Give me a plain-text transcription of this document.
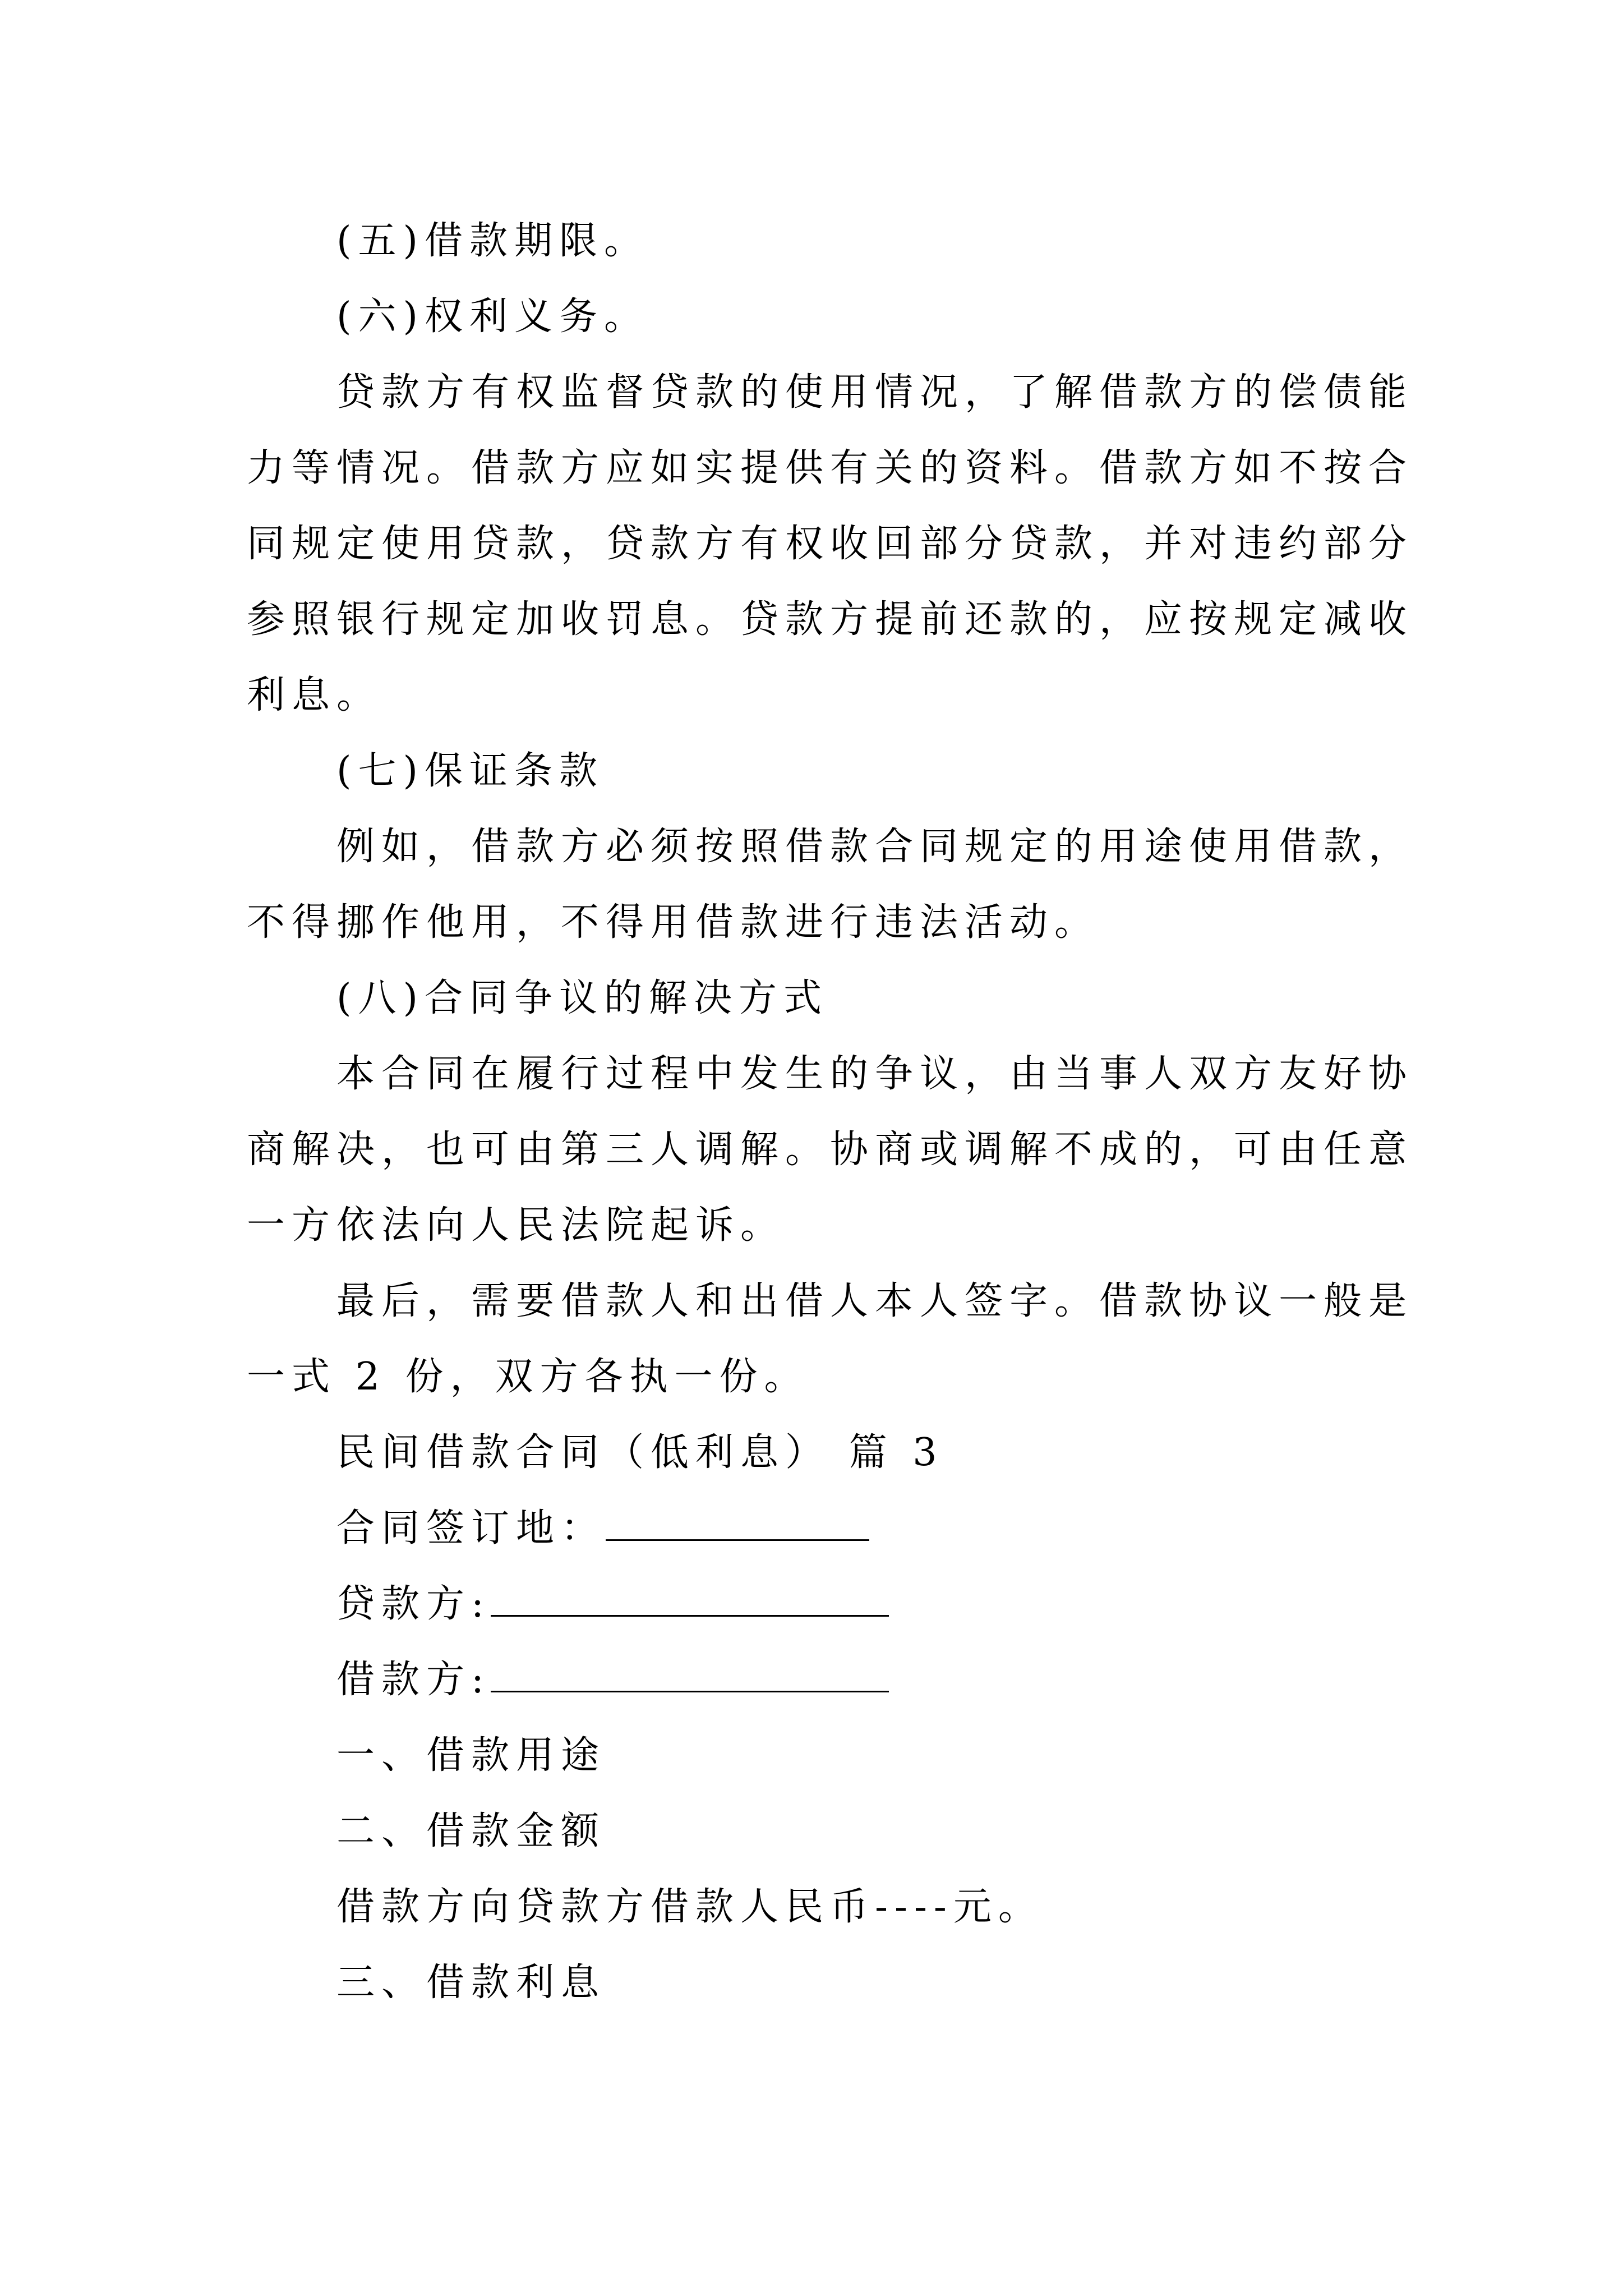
(五)借款期限。

(六)权利义务。

贷款方有权监督贷款的使用情况，了解借款方的偿债能

力等情况。借款方应如实提供有关的资料。借款方如不按合

同规定使用贷款，贷款方有权收回部分贷款，并对违约部分

参照银行规定加收罚息。贷款方提前还款的，应按规定减收

利息。

(七)保证条款

例如，借款方必须按照借款合同规定的用途使用借款，

不得挪作他用，不得用借款进行违法活动。

(八)合同争议的解决方式

本合同在履行过程中发生的争议，由当事人双方友好协

商解决，也可由第三人调解。协商或调解不成的，可由任意

一方依法向人民法院起诉。

最后，需要借款人和出借人本人签字。借款协议一般是

一式 2 份，双方各执一份。

民间借款合同（低利息） 篇 3

合同签订地：

贷款方:

借款方:

一、借款用途

二、借款金额

借款方向贷款方借款人民币----元。

三、借款利息
